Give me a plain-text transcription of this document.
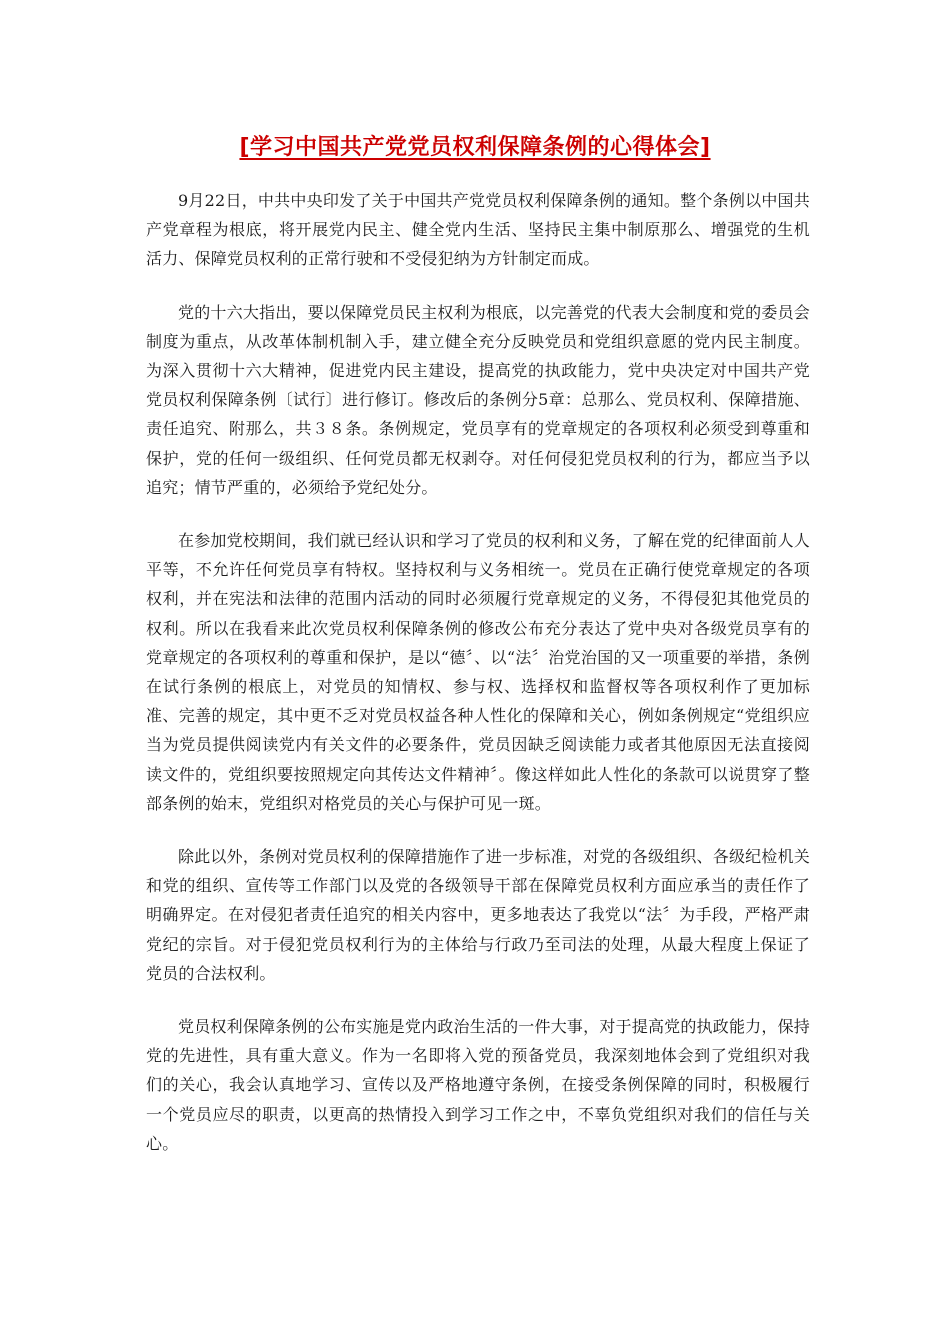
[学习中国共产党党员权利保障条例的心得体会]

9月22日，中共中央印发了关于中国共产党党员权利保障条例的通知。整个条例以中国共产党章程为根底，将开展党内民主、健全党内生活、坚持民主集中制原那么、增强党的生机活力、保障党员权利的正常行驶和不受侵犯纳为方针制定而成。

党的十六大指出，要以保障党员民主权利为根底，以完善党的代表大会制度和党的委员会制度为重点，从改革体制机制入手，建立健全充分反映党员和党组织意愿的党内民主制度。为深入贯彻十六大精神，促进党内民主建设，提高党的执政能力，党中央决定对中国共产党党员权利保障条例〔试行〕进行修订。修改后的条例分5章：总那么、党员权利、保障措施、责任追究、附那么，共３８条。条例规定，党员享有的党章规定的各项权利必须受到尊重和保护，党的任何一级组织、任何党员都无权剥夺。对任何侵犯党员权利的行为，都应当予以追究；情节严重的，必须给予党纪处分。

在参加党校期间，我们就已经认识和学习了党员的权利和义务，了解在党的纪律面前人人平等，不允许任何党员享有特权。坚持权利与义务相统一。党员在正确行使党章规定的各项权利，并在宪法和法律的范围内活动的同时必须履行党章规定的义务，不得侵犯其他党员的权利。所以在我看来此次党员权利保障条例的修改公布充分表达了党中央对各级党员享有的党章规定的各项权利的尊重和保护，是以“德〞、以“法〞治党治国的又一项重要的举措，条例在试行条例的根底上，对党员的知情权、参与权、选择权和监督权等各项权利作了更加标准、完善的规定，其中更不乏对党员权益各种人性化的保障和关心，例如条例规定“党组织应当为党员提供阅读党内有关文件的必要条件，党员因缺乏阅读能力或者其他原因无法直接阅读文件的，党组织要按照规定向其传达文件精神〞。像这样如此人性化的条款可以说贯穿了整部条例的始末，党组织对格党员的关心与保护可见一斑。

除此以外，条例对党员权利的保障措施作了进一步标准，对党的各级组织、各级纪检机关和党的组织、宣传等工作部门以及党的各级领导干部在保障党员权利方面应承当的责任作了明确界定。在对侵犯者责任追究的相关内容中，更多地表达了我党以“法〞为手段，严格严肃党纪的宗旨。对于侵犯党员权利行为的主体给与行政乃至司法的处理，从最大程度上保证了党员的合法权利。

党员权利保障条例的公布实施是党内政治生活的一件大事，对于提高党的执政能力，保持党的先进性，具有重大意义。作为一名即将入党的预备党员，我深刻地体会到了党组织对我们的关心，我会认真地学习、宣传以及严格地遵守条例，在接受条例保障的同时，积极履行一个党员应尽的职责，以更高的热情投入到学习工作之中，不辜负党组织对我们的信任与关心。
